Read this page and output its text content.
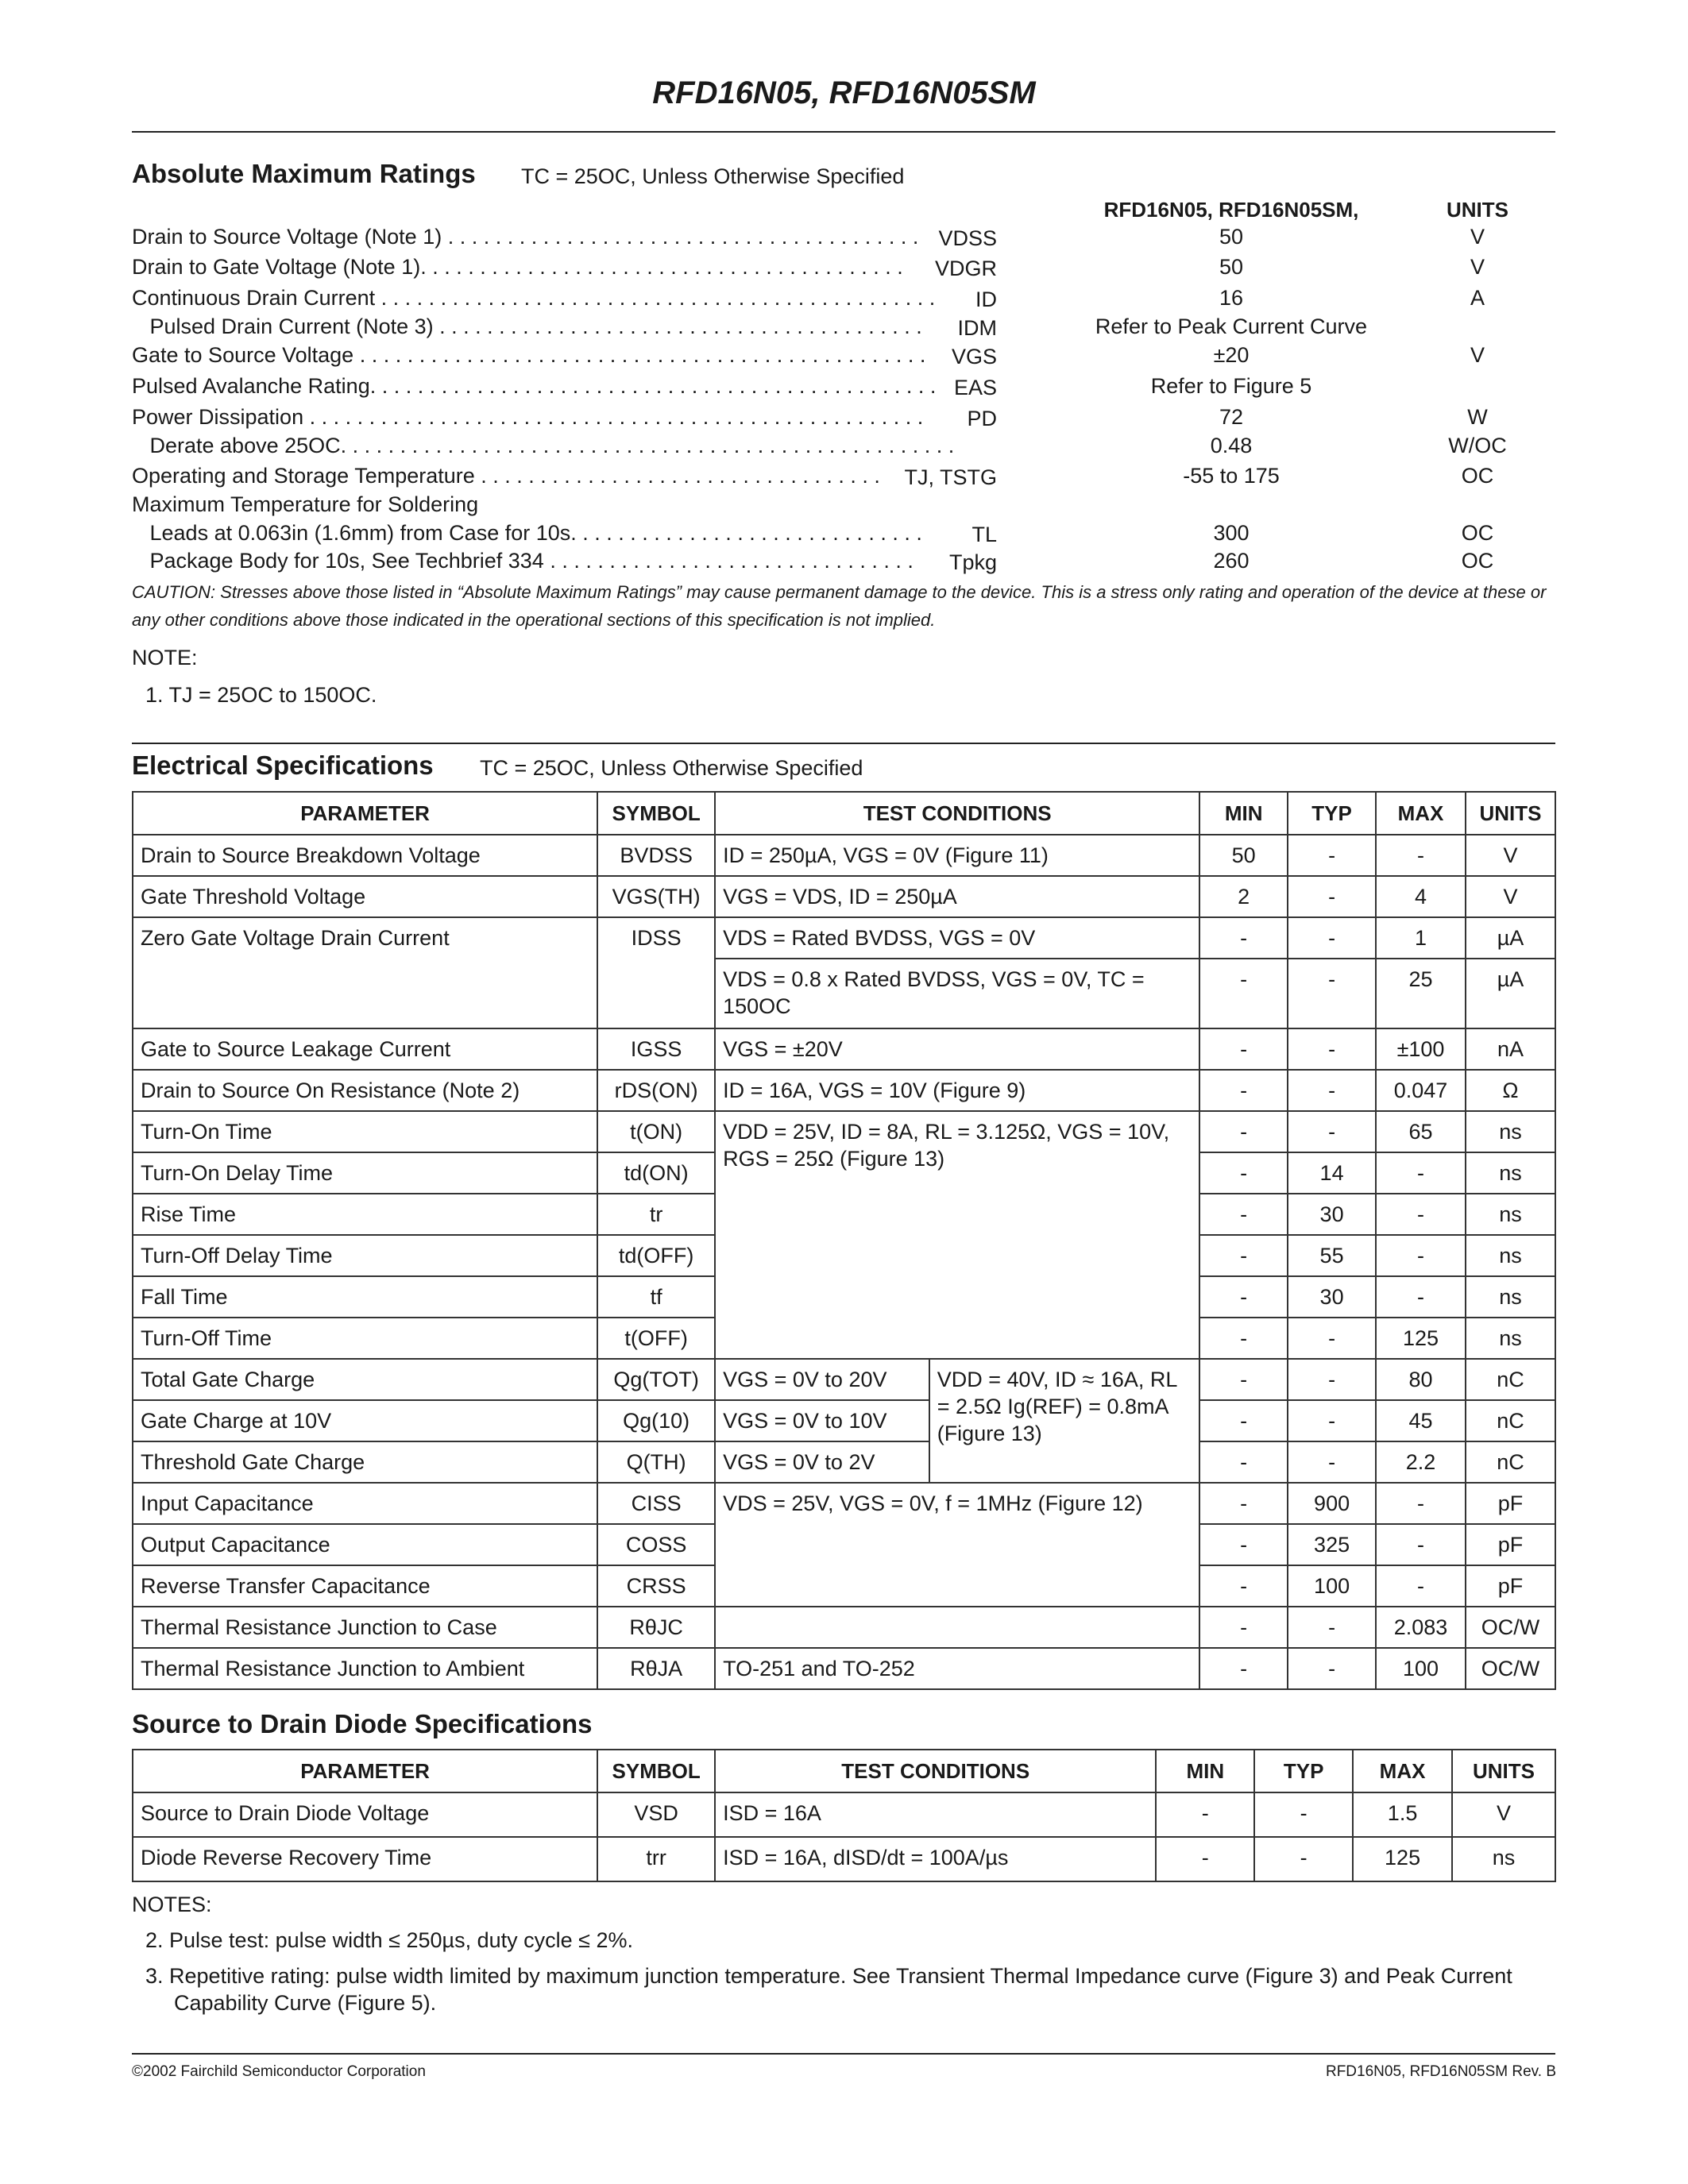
RFD16N05, RFD16N05SM
Absolute Maximum Ratings TC = 25OC, Unless Otherwise Specified
RFD16N05, RFD16N05SM,	UNITS
Drain to Source Voltage (Note 1) . . . . . . . . . . . . . . . . . . . . . . . . . . . . . . . . . . . . . . . . VDSS	50	V
Drain to Gate Voltage (Note 1). . . . . . . . . . . . . . . . . . . . . . . . . . . . . . . . . . . . . . . . .	VDGR	50	V
Continuous Drain Current . . . . . . . . . . . . . . . . . . . . . . . . . . . . . . . . . . . . . . . . . . . . . . .	ID	16	A
Pulsed Drain Current (Note 3) . . . . . . . . . . . . . . . . . . . . . . . . . . . . . . . . . . . . . . . . .	IDM	Refer to Peak Current Curve
Gate to Source Voltage . . . . . . . . . . . . . . . . . . . . . . . . . . . . . . . . . . . . . . . . . . . . . . . .	VGS	±20	V
Pulsed Avalanche Rating. . . . . . . . . . . . . . . . . . . . . . . . . . . . . . . . . . . . . . . . . . . . . . . . EAS	Refer to Figure 5
Power Dissipation . . . . . . . . . . . . . . . . . . . . . . . . . . . . . . . . . . . . . . . . . . . . . . . . . . . .	PD	72	W
Derate above 25OC. . . . . . . . . . . . . . . . . . . . . . . . . . . . . . . . . . . . . . . . . . . . . . . . . . . .	0.48	W/OC
Operating and Storage Temperature . . . . . . . . . . . . . . . . . . . . . . . . . . . . . . . . . .	TJ, TSTG	-55 to 175	OC
Maximum Temperature for Soldering
Leads at 0.063in (1.6mm) from Case for 10s. . . . . . . . . . . . . . . . . . . . . . . . . . . . . .	TL	300	OC
Package Body for 10s, See Techbrief 334 . . . . . . . . . . . . . . . . . . . . . . . . . . . . . . .	Tpkg	260	OC
CAUTION: Stresses above those listed in “Absolute Maximum Ratings” may cause permanent damage to the device. This is a stress only rating and operation of the device at these or any other conditions above those indicated in the operational sections of this specification is not implied.
NOTE:
1. TJ = 25OC to 150OC.
Electrical Specifications TC = 25OC, Unless Otherwise Specified
PARAMETER	SYMBOL	TEST CONDITIONS		MIN	TYP	MAX	UNITS
Drain to Source Breakdown Voltage	BVDSS	ID = 250µA, VGS = 0V (Figure 11)		50	-	-	V
Gate Threshold Voltage	VGS(TH)	VGS = VDS, ID = 250µA		2	-	4	V
Zero Gate Voltage Drain Current	IDSS	VDS = Rated BVDSS, VGS = 0V		-	-	1	µA
		VDS = 0.8 x Rated BVDSS, VGS = 0V, TC = 150OC		-	-	25	µA
Gate to Source Leakage Current	IGSS	VGS = ±20V		-	-	±100	nA
Drain to Source On Resistance (Note 2)	rDS(ON)	ID = 16A, VGS = 10V (Figure 9)		-	-	0.047	Ω
Turn-On Time	t(ON)	VDD = 25V, ID = 8A, RL = 3.125Ω, VGS = 10V, RGS = 25Ω (Figure 13)		-	-	65	ns
Turn-On Delay Time	td(ON)			-	14	-	ns
Rise Time	tr			-	30	-	ns
Turn-Off Delay Time	td(OFF)			-	55	-	ns
Fall Time	tf			-	30	-	ns
Turn-Off Time	t(OFF)			-	-	125	ns
Total Gate Charge	Qg(TOT)	VGS = 0V to 20V	VDD = 40V, ID ≈ 16A, RL = 2.5Ω Ig(REF) = 0.8mA (Figure 13)	-	-	80	nC
Gate Charge at 10V	Qg(10)	VGS = 0V to 10V		-	-	45	nC
Threshold Gate Charge	Q(TH)	VGS = 0V to 2V		-	-	2.2	nC
Input Capacitance	CISS	VDS = 25V, VGS = 0V, f = 1MHz (Figure 12)		-	900	-	pF
Output Capacitance	COSS			-	325	-	pF
Reverse Transfer Capacitance	CRSS			-	100	-	pF
Thermal Resistance Junction to Case	RθJC			-	-	2.083	OC/W
Thermal Resistance Junction to Ambient	RθJA	TO-251 and TO-252		-	-	100	OC/W
Source to Drain Diode Specifications
PARAMETER	SYMBOL	TEST CONDITIONS	MIN	TYP	MAX	UNITS
Source to Drain Diode Voltage	VSD	ISD = 16A	-	-	1.5	V
Diode Reverse Recovery Time	trr	ISD = 16A, dISD/dt = 100A/µs	-	-	125	ns
NOTES:
2. Pulse test: pulse width ≤ 250µs, duty cycle ≤ 2%.
3. Repetitive rating: pulse width limited by maximum junction temperature. See Transient Thermal Impedance curve (Figure 3) and Peak Current
Capability Curve (Figure 5).
©2002 Fairchild Semiconductor Corporation	RFD16N05, RFD16N05SM Rev. B
